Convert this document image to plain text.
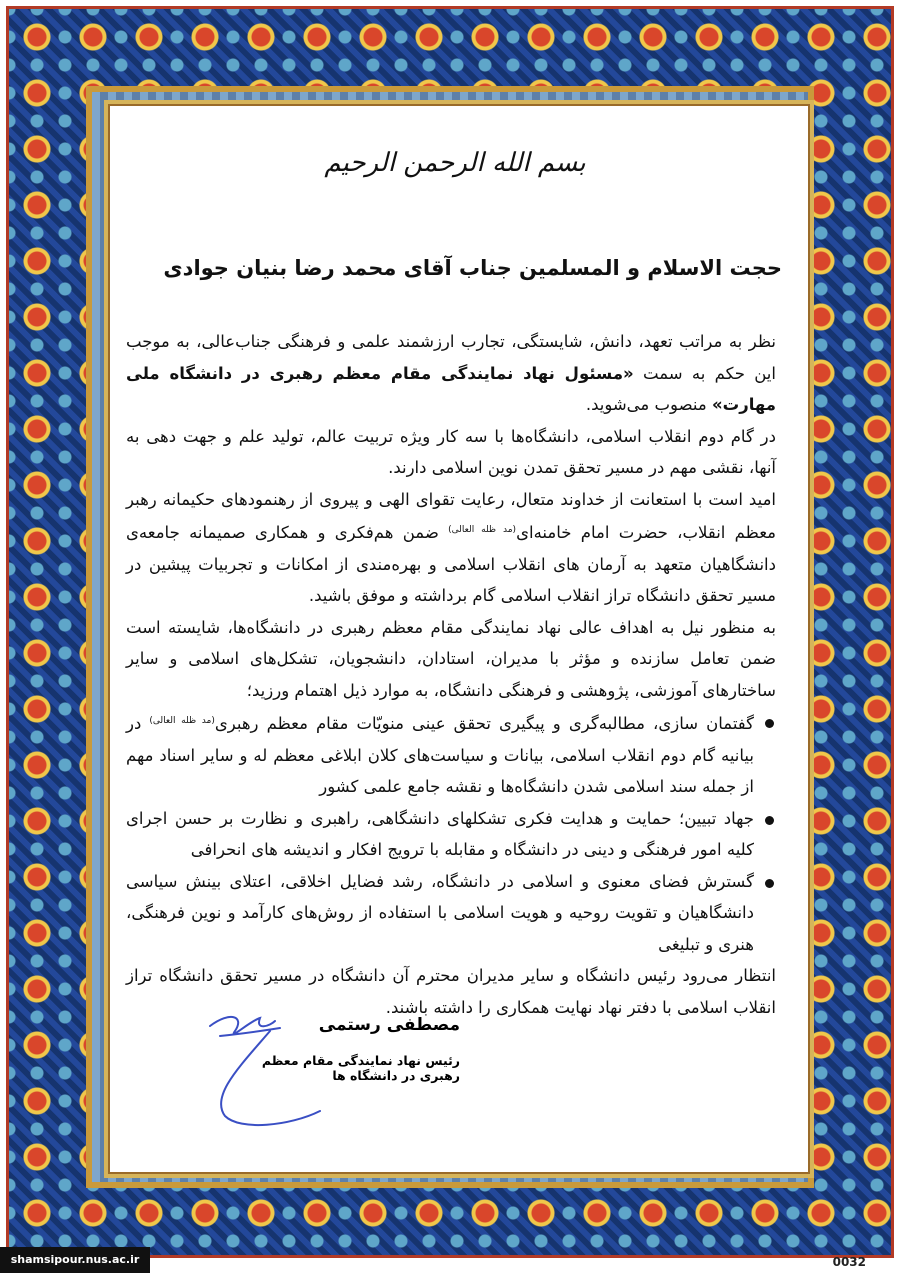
بسم الله الرحمن الرحیم
حجت الاسلام و المسلمین جناب آقای محمد رضا بنیان جوادی

نظر به مراتب تعهد، دانش، شایستگی، تجارب ارزشمند علمی و فرهنگی جناب‌عالی، به موجب این حکم به سمت «مسئول نهاد نمایندگی مقام معظم رهبری در دانشگاه ملی مهارت» منصوب می‌شوید.

در گام دوم انقلاب اسلامی، دانشگاه‌ها با سه کار ویژه تربیت عالم، تولید علم و جهت دهی به آنها، نقشی مهم در مسیر تحقق تمدن نوین اسلامی دارند.

امید است با استعانت از خداوند متعال، رعایت تقوای الهی و پیروی از رهنمودهای حکیمانه رهبر معظم انقلاب، حضرت امام خامنه‌ای$^{(مد ظله العالی)}$ ضمن هم‌فکری و همکاری صمیمانه جامعه‌ی دانشگاهیان متعهد به آرمان های انقلاب اسلامی و بهره‌مندی از امکانات و تجربیات پیشین در مسیر تحقق دانشگاه تراز انقلاب اسلامی گام برداشته و موفق باشید.

به منظور نیل به اهداف عالی نهاد نمایندگی مقام معظم رهبری در دانشگاه‌ها، شایسته است ضمن تعامل سازنده و مؤثر با مدیران، استادان، دانشجویان، تشکل‌های اسلامی و سایر ساختارهای آموزشی، پژوهشی و فرهنگی دانشگاه، به موارد ذیل اهتمام ورزید؛

گفتمان سازی، مطالبه‌گری و پیگیری تحقق عینی منویّات مقام معظم رهبری$^{(مد ظله العالی)}$ در بیانیه گام دوم انقلاب اسلامی، بیانات و سیاست‌های کلان ابلاغی معظم له و سایر اسناد مهم از جمله سند اسلامی شدن دانشگاه‌ها و نقشه جامع علمی کشور
جهاد تبیین؛ حمایت و هدایت فکری تشکلهای دانشگاهی، راهبری و نظارت بر حسن اجرای کلیه امور فرهنگی و دینی در دانشگاه و مقابله با ترویج افکار و اندیشه های انحرافی
گسترش فضای معنوی و اسلامی در دانشگاه، رشد فضایل اخلاقی، اعتلای بینش سیاسی دانشگاهیان و تقویت روحیه و هویت اسلامی با استفاده از روش‌های کارآمد و نوین فرهنگی، هنری و تبلیغی

انتظار می‌رود رئیس دانشگاه و سایر مدیران محترم آن دانشگاه در مسیر تحقق دانشگاه تراز انقلاب اسلامی با دفتر نهاد نهایت همکاری را داشته باشند.

مصطفی رستمی
رئیس نهاد نمایندگی مقام معظم رهبری در دانشگاه ها
shamsipour.nus.ac.ir	0032
